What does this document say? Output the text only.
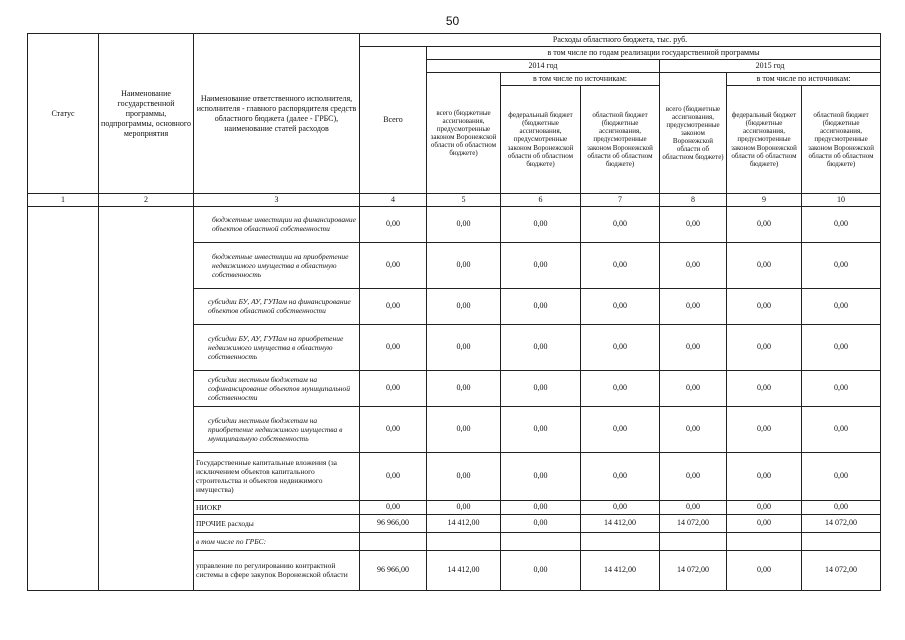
50
Статус	Наименование государственной программы, подпрограммы, основного мероприятия	Наименование ответственного исполнителя, исполнителя - главного распорядителя средств областного бюджета (далее - ГРБС), наименование статей расходов	Расходы областного бюджета, тыс. руб.						
			Всего	в том числе по годам реализации государственной программы					
				2014 год			2015 год		
				всего (бюджетные ассигнования, предусмотренные законом Воронежской области об областном бюджете)	в том числе по источникам:		всего (бюджетные ассигнования, предусмотренные законом Воронежской области об областном бюджете)	в том числе по источникам:	
					федеральный бюджет (бюджетные ассигнования, предусмотренные законом Воронежской области об областном бюджете)	областной бюджет (бюджетные ассигнования, предусмотренные законом Воронежской области об областном бюджете)		федеральный бюджет (бюджетные ассигнования, предусмотренные законом Воронежской области об областном бюджете)	областной бюджет (бюджетные ассигнования, предусмотренные законом Воронежской области об областном бюджете)
1	2	3	4	5	6	7	8	9	10
		бюджетные инвестиции на финансирование объектов областной собственности	0,00	0,00	0,00	0,00	0,00	0,00	0,00
		бюджетные инвестиции на приобретение недвижимого имущества в областную собственность	0,00	0,00	0,00	0,00	0,00	0,00	0,00
		субсидии БУ, АУ, ГУПам на финансирование объектов областной собственности	0,00	0,00	0,00	0,00	0,00	0,00	0,00
		субсидии БУ, АУ, ГУПам на приобретение недвижимого имущества в областную собственность	0,00	0,00	0,00	0,00	0,00	0,00	0,00
		субсидии местным бюджетам на софинансирование объектов муниципальной собственности	0,00	0,00	0,00	0,00	0,00	0,00	0,00
		субсидии местным бюджетам на приобретение недвижимого имущества в муниципальную собственность	0,00	0,00	0,00	0,00	0,00	0,00	0,00
		Государственные капитальные вложения (за исключением объектов капитального строительства и объектов недвижимого имущества)	0,00	0,00	0,00	0,00	0,00	0,00	0,00
		НИОКР	0,00	0,00	0,00	0,00	0,00	0,00	0,00
		ПРОЧИЕ расходы	96 966,00	14 412,00	0,00	14 412,00	14 072,00	0,00	14 072,00
		в том числе по ГРБС:							
		управление по регулированию контрактной системы в сфере закупок Воронежской области	96 966,00	14 412,00	0,00	14 412,00	14 072,00	0,00	14 072,00
